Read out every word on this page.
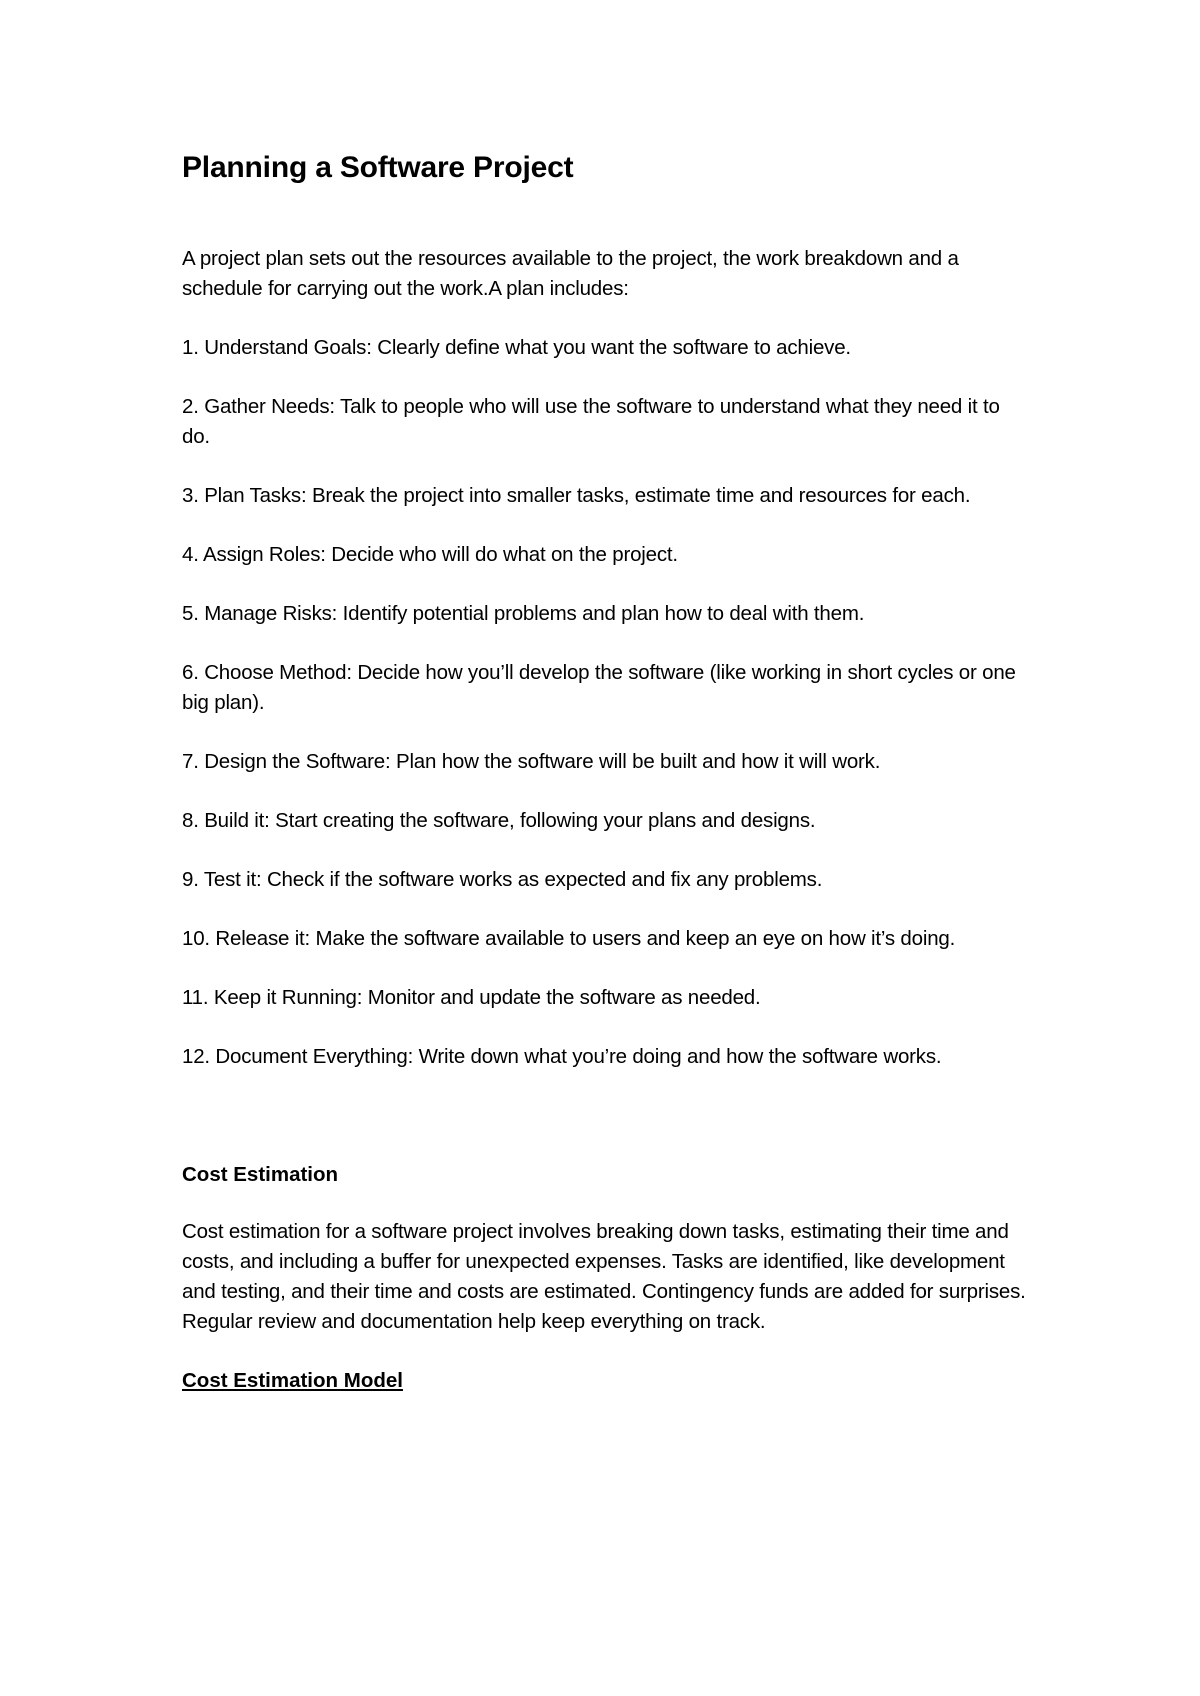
Planning a Software Project

A project plan sets out the resources available to the project, the work breakdown and a schedule for carrying out the work.A plan includes:

1. Understand Goals: Clearly define what you want the software to achieve.
2. Gather Needs: Talk to people who will use the software to understand what they need it to do.
3. Plan Tasks: Break the project into smaller tasks, estimate time and resources for each.
4. Assign Roles: Decide who will do what on the project.
5. Manage Risks: Identify potential problems and plan how to deal with them.
6. Choose Method: Decide how you’ll develop the software (like working in short cycles or one big plan).
7. Design the Software: Plan how the software will be built and how it will work.
8. Build it: Start creating the software, following your plans and designs.
9. Test it: Check if the software works as expected and fix any problems.
10. Release it: Make the software available to users and keep an eye on how it’s doing.
11. Keep it Running: Monitor and update the software as needed.
12. Document Everything: Write down what you’re doing and how the software works.
Cost Estimation

Cost estimation for a software project involves breaking down tasks, estimating their time and costs, and including a buffer for unexpected expenses. Tasks are identified, like development and testing, and their time and costs are estimated. Contingency funds are added for surprises. Regular review and documentation help keep everything on track.

Cost Estimation Model
